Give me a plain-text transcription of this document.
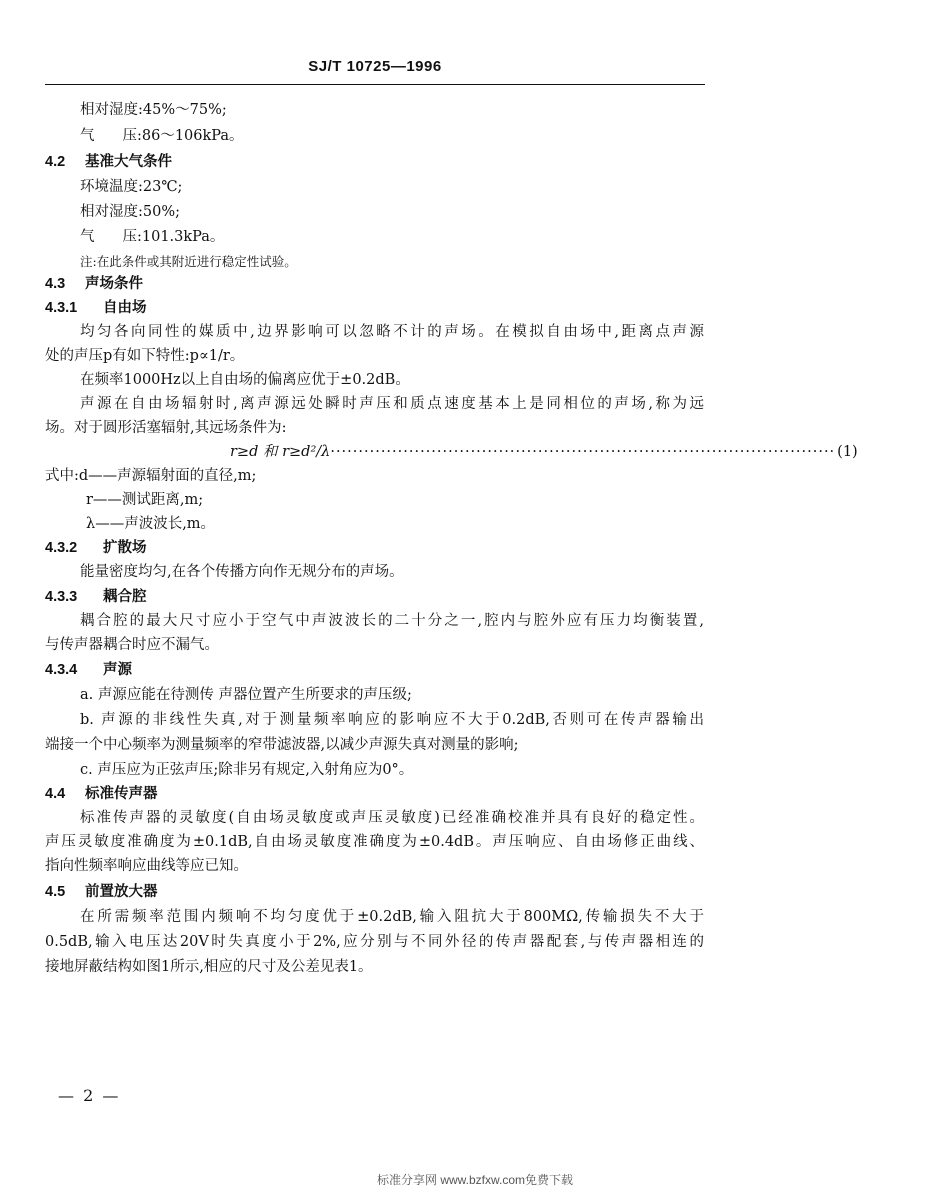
SJ/T 10725—1996
相对湿度:45%～75%;
气 压:86～106kPa。
4.2 基准大气条件
环境温度:23℃;
相对湿度:50%;
气 压:101.3kPa。
注:在此条件或其附近进行稳定性试验。
4.3 声场条件
4.3.1 自由场
均匀各向同性的媒质中,边界影响可以忽略不计的声场。在模拟自由场中,距离点声源
处的声压p有如下特性:p∝1/r。
在频率1000Hz以上自由场的偏离应优于±0.2dB。
声源在自由场辐射时,离声源远处瞬时声压和质点速度基本上是同相位的声场,称为远
场。对于圆形活塞辐射,其远场条件为:
r≥d 和 r≥d²/λ ·························································································· (1)
式中:d——声源辐射面的直径,m;
r——测试距离,m;
λ——声波波长,m。
4.3.2 扩散场
能量密度均匀,在各个传播方向作无规分布的声场。
4.3.3 耦合腔
耦合腔的最大尺寸应小于空气中声波波长的二十分之一,腔内与腔外应有压力均衡装置,
与传声器耦合时应不漏气。
4.3.4 声源
a. 声源应能在待测传 声器位置产生所要求的声压级;
b. 声源的非线性失真,对于测量频率响应的影响应不大于0.2dB,否则可在传声器输出
端接一个中心频率为测量频率的窄带滤波器,以减少声源失真对测量的影响;
c. 声压应为正弦声压;除非另有规定,入射角应为0°。
4.4 标准传声器
标准传声器的灵敏度(自由场灵敏度或声压灵敏度)已经准确校准并具有良好的稳定性。
声压灵敏度准确度为±0.1dB,自由场灵敏度准确度为±0.4dB。声压响应、自由场修正曲线、
指向性频率响应曲线等应已知。
4.5 前置放大器
在所需频率范围内频响不均匀度优于±0.2dB,输入阻抗大于800MΩ,传输损失不大于
0.5dB,输入电压达20V时失真度小于2%,应分别与不同外径的传声器配套,与传声器相连的
接地屏蔽结构如图1所示,相应的尺寸及公差见表1。
— 2 —
标准分享网 www.bzfxw.com免费下载
